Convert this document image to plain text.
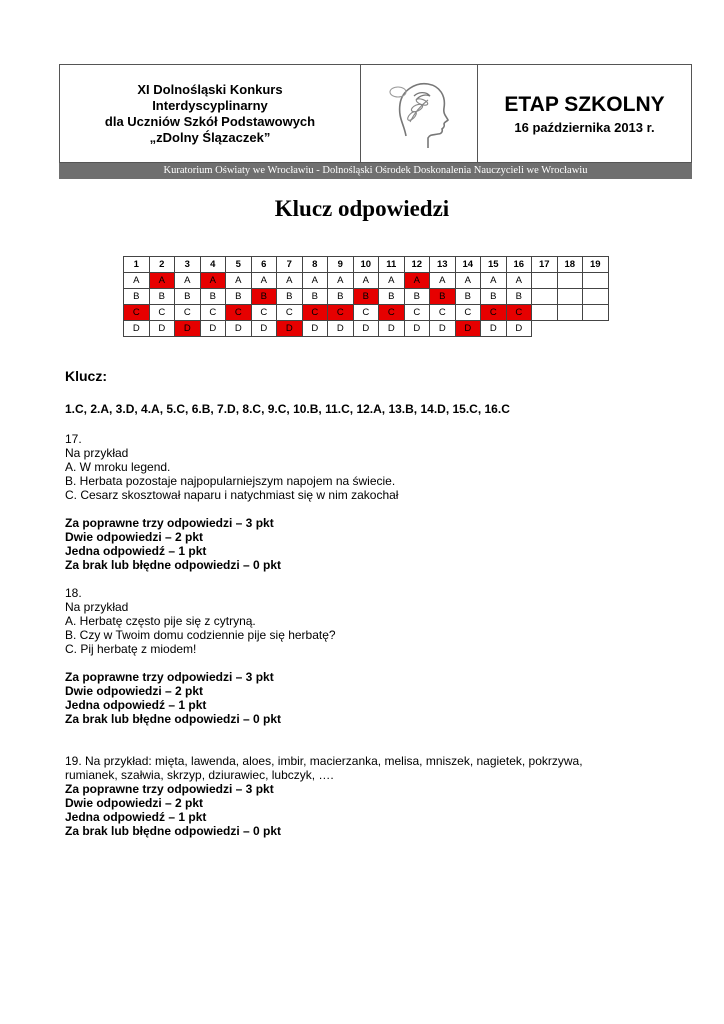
XI Dolnośląski Konkurs
Interdyscyplinarny
dla Uczniów Szkół Podstawowych
„zDolny Ślązaczek”
ETAP SZKOLNY
16 października 2013 r.
Kuratorium Oświaty we Wrocławiu - Dolnośląski Ośrodek Doskonalenia Nauczycieli we Wrocławiu
Klucz odpowiedzi
1	2	3	4	5	6	7	8	9	10	11	12	13	14	15	16	17	18	19
A	A	A	A	A	A	A	A	A	A	A	A	A	A	A	A			
B	B	B	B	B	B	B	B	B	B	B	B	B	B	B	B			
C	C	C	C	C	C	C	C	C	C	C	C	C	C	C	C			
D	D	D	D	D	D	D	D	D	D	D	D	D	D	D	D			
Klucz:
1.C, 2.A, 3.D, 4.A, 5.C, 6.B, 7.D, 8.C, 9.C, 10.B, 11.C, 12.A, 13.B, 14.D, 15.C, 16.C
17.
Na przykład
A. W mroku legend.
B. Herbata pozostaje najpopularniejszym napojem na świecie.
C. Cesarz skosztował naparu i natychmiast się w nim zakochał
Za poprawne trzy odpowiedzi – 3 pkt
Dwie odpowiedzi – 2 pkt
Jedna odpowiedź – 1 pkt
Za brak lub błędne odpowiedzi – 0 pkt
18.
Na przykład
A. Herbatę często pije się z cytryną.
B. Czy w Twoim domu codziennie pije się herbatę?
C. Pij herbatę z miodem!
Za poprawne trzy odpowiedzi – 3 pkt
Dwie odpowiedzi – 2 pkt
Jedna odpowiedź – 1 pkt
Za brak lub błędne odpowiedzi – 0 pkt
19. Na przykład: mięta, lawenda, aloes, imbir, macierzanka, melisa, mniszek, nagietek, pokrzywa,
rumianek, szałwia, skrzyp, dziurawiec, lubczyk, ….
Za poprawne trzy odpowiedzi – 3 pkt
Dwie odpowiedzi – 2 pkt
Jedna odpowiedź – 1 pkt
Za brak lub błędne odpowiedzi – 0 pkt
